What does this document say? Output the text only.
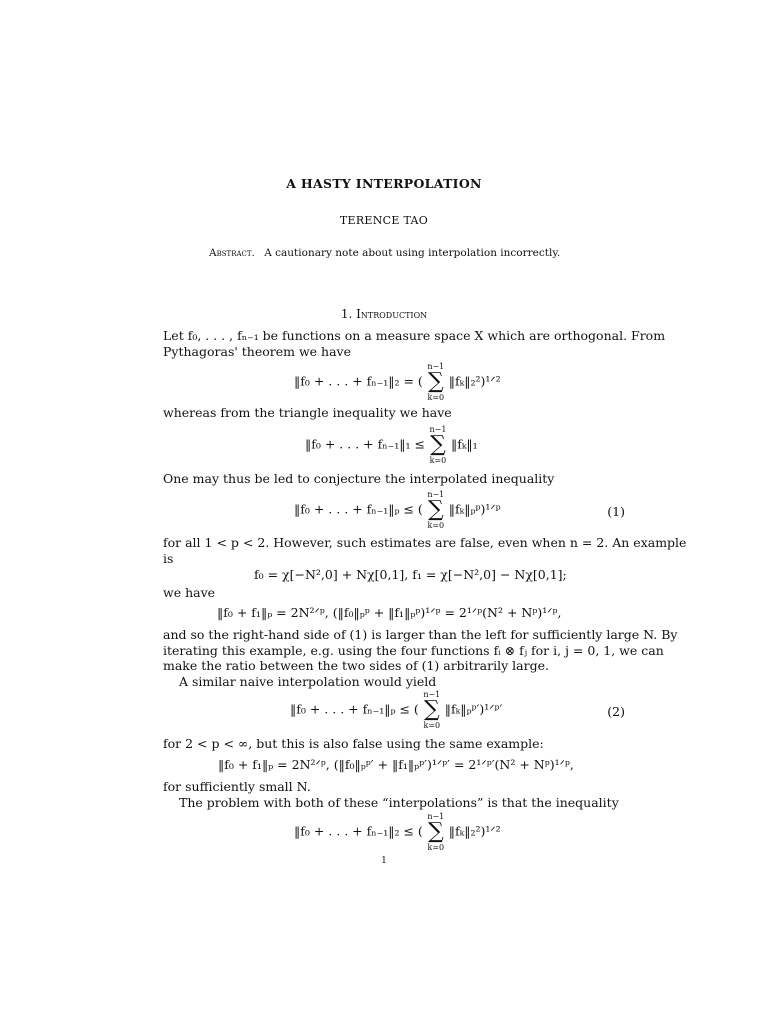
A HASTY INTERPOLATION
TERENCE TAO
Abstract. A cautionary note about using interpolation incorrectly.
1. Introduction
Let f₀, . . . , fₙ₋₁ be functions on a measure space X which are orthogonal. From
Pythagoras' theorem we have
‖f₀ + . . . + fₙ₋₁‖₂ = (
n−1
∑
k=0
‖fₖ‖₂²)¹ᐟ²
whereas from the triangle inequality we have
‖f₀ + . . . + fₙ₋₁‖₁ ≤
n−1
∑
k=0
‖fₖ‖₁
One may thus be led to conjecture the interpolated inequality
‖f₀ + . . . + fₙ₋₁‖ₚ ≤ (
n−1
∑
k=0
‖fₖ‖ₚᵖ)¹ᐟᵖ	(1)
for all 1 < p < 2. However, such estimates are false, even when n = 2. An example
is
f₀ = χ[−N²,0] + Nχ[0,1], f₁ = χ[−N²,0] − Nχ[0,1];
we have
‖f₀ + f₁‖ₚ = 2N²ᐟᵖ, (‖f₀‖ₚᵖ + ‖f₁‖ₚᵖ)¹ᐟᵖ = 2¹ᐟᵖ(N² + Nᵖ)¹ᐟᵖ,
and so the right-hand side of (1) is larger than the left for sufficiently large N. By
iterating this example, e.g. using the four functions fᵢ ⊗ fⱼ for i, j = 0, 1, we can
make the ratio between the two sides of (1) arbitrarily large.
A similar naive interpolation would yield
‖f₀ + . . . + fₙ₋₁‖ₚ ≤ (
n−1
∑
k=0
‖fₖ‖ₚᵖ′)¹ᐟᵖ′	(2)
for 2 < p < ∞, but this is also false using the same example:
‖f₀ + f₁‖ₚ = 2N²ᐟᵖ, (‖f₀‖ₚᵖ′ + ‖f₁‖ₚᵖ′)¹ᐟᵖ′ = 2¹ᐟᵖ′(N² + Nᵖ)¹ᐟᵖ,
for sufficiently small N.
The problem with both of these “interpolations” is that the inequality
‖f₀ + . . . + fₙ₋₁‖₂ ≤ (
n−1
∑
k=0
‖fₖ‖₂²)¹ᐟ²
1
